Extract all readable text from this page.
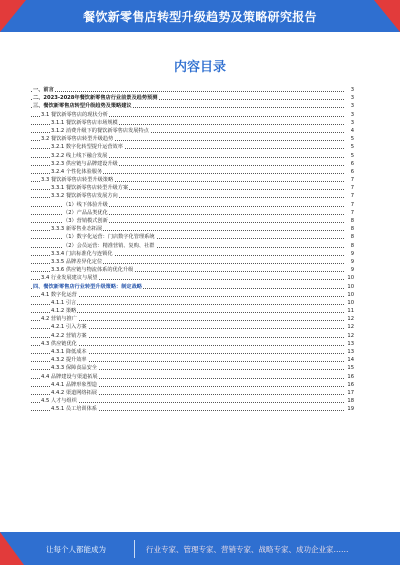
餐饮新零售店转型升级趋势及策略研究报告
内容目录
一、前言	3
二、2023-2028年餐饮新零售店行业前景及趋势预测	3
三、餐饮新零售店转型升级趋势及策略建议	3
3.1 餐饮新零售店的现状分析	3
3.1.1 餐饮新零售店市场规模	3
3.1.2 消费升级下的餐饮新零售店发展特点	4
3.2 餐饮新零售店转型升级趋势	5
3.2.1 数字化转型提升运营效率	5
3.2.2 线上线下融合发展	5
3.2.3 供应链与品牌建设升级	6
3.2.4 个性化体验服务	6
3.3 餐饮新零售店转型升级策略	7
3.3.1 餐饮新零售店转型升级方案	7
3.3.2 餐饮新零售店发展方向	7
（1）线下体验升级	7
（2）产品品类优化	7
（3）营销模式创新	8
3.3.3 新零售业态拓展	8
（1）数字化运营：门店数字化管理系统	8
（2）会员运营：精准营销、复购、社群	8
3.3.4 门店标准化与连锁化	9
3.3.5 品牌差异化定位	9
3.3.6 供应链与物流体系的优化升级	9
3.4 行业发展建议与展望	10
四、餐饮新零售店行业转型升级策略：制定战略	10
4.1 数字化运营	10
4.1.1 引言	10
4.1.2 策略	11
4.2 营销与推广	12
4.2.1 引入方案	12
4.2.2 营销方案	12
4.3 供应链优化	13
4.3.1 降低成本	13
4.3.2 提升效率	14
4.3.3 保障食品安全	15
4.4 品牌建设与渠道拓展	16
4.4.1 品牌形象塑造	16
4.4.2 渠道网络拓展	17
4.5 人才与组织	18
4.5.1 员工培训体系	19
让每个人都能成为	行业专家、管理专家、营销专家、战略专家、成功企业家……
